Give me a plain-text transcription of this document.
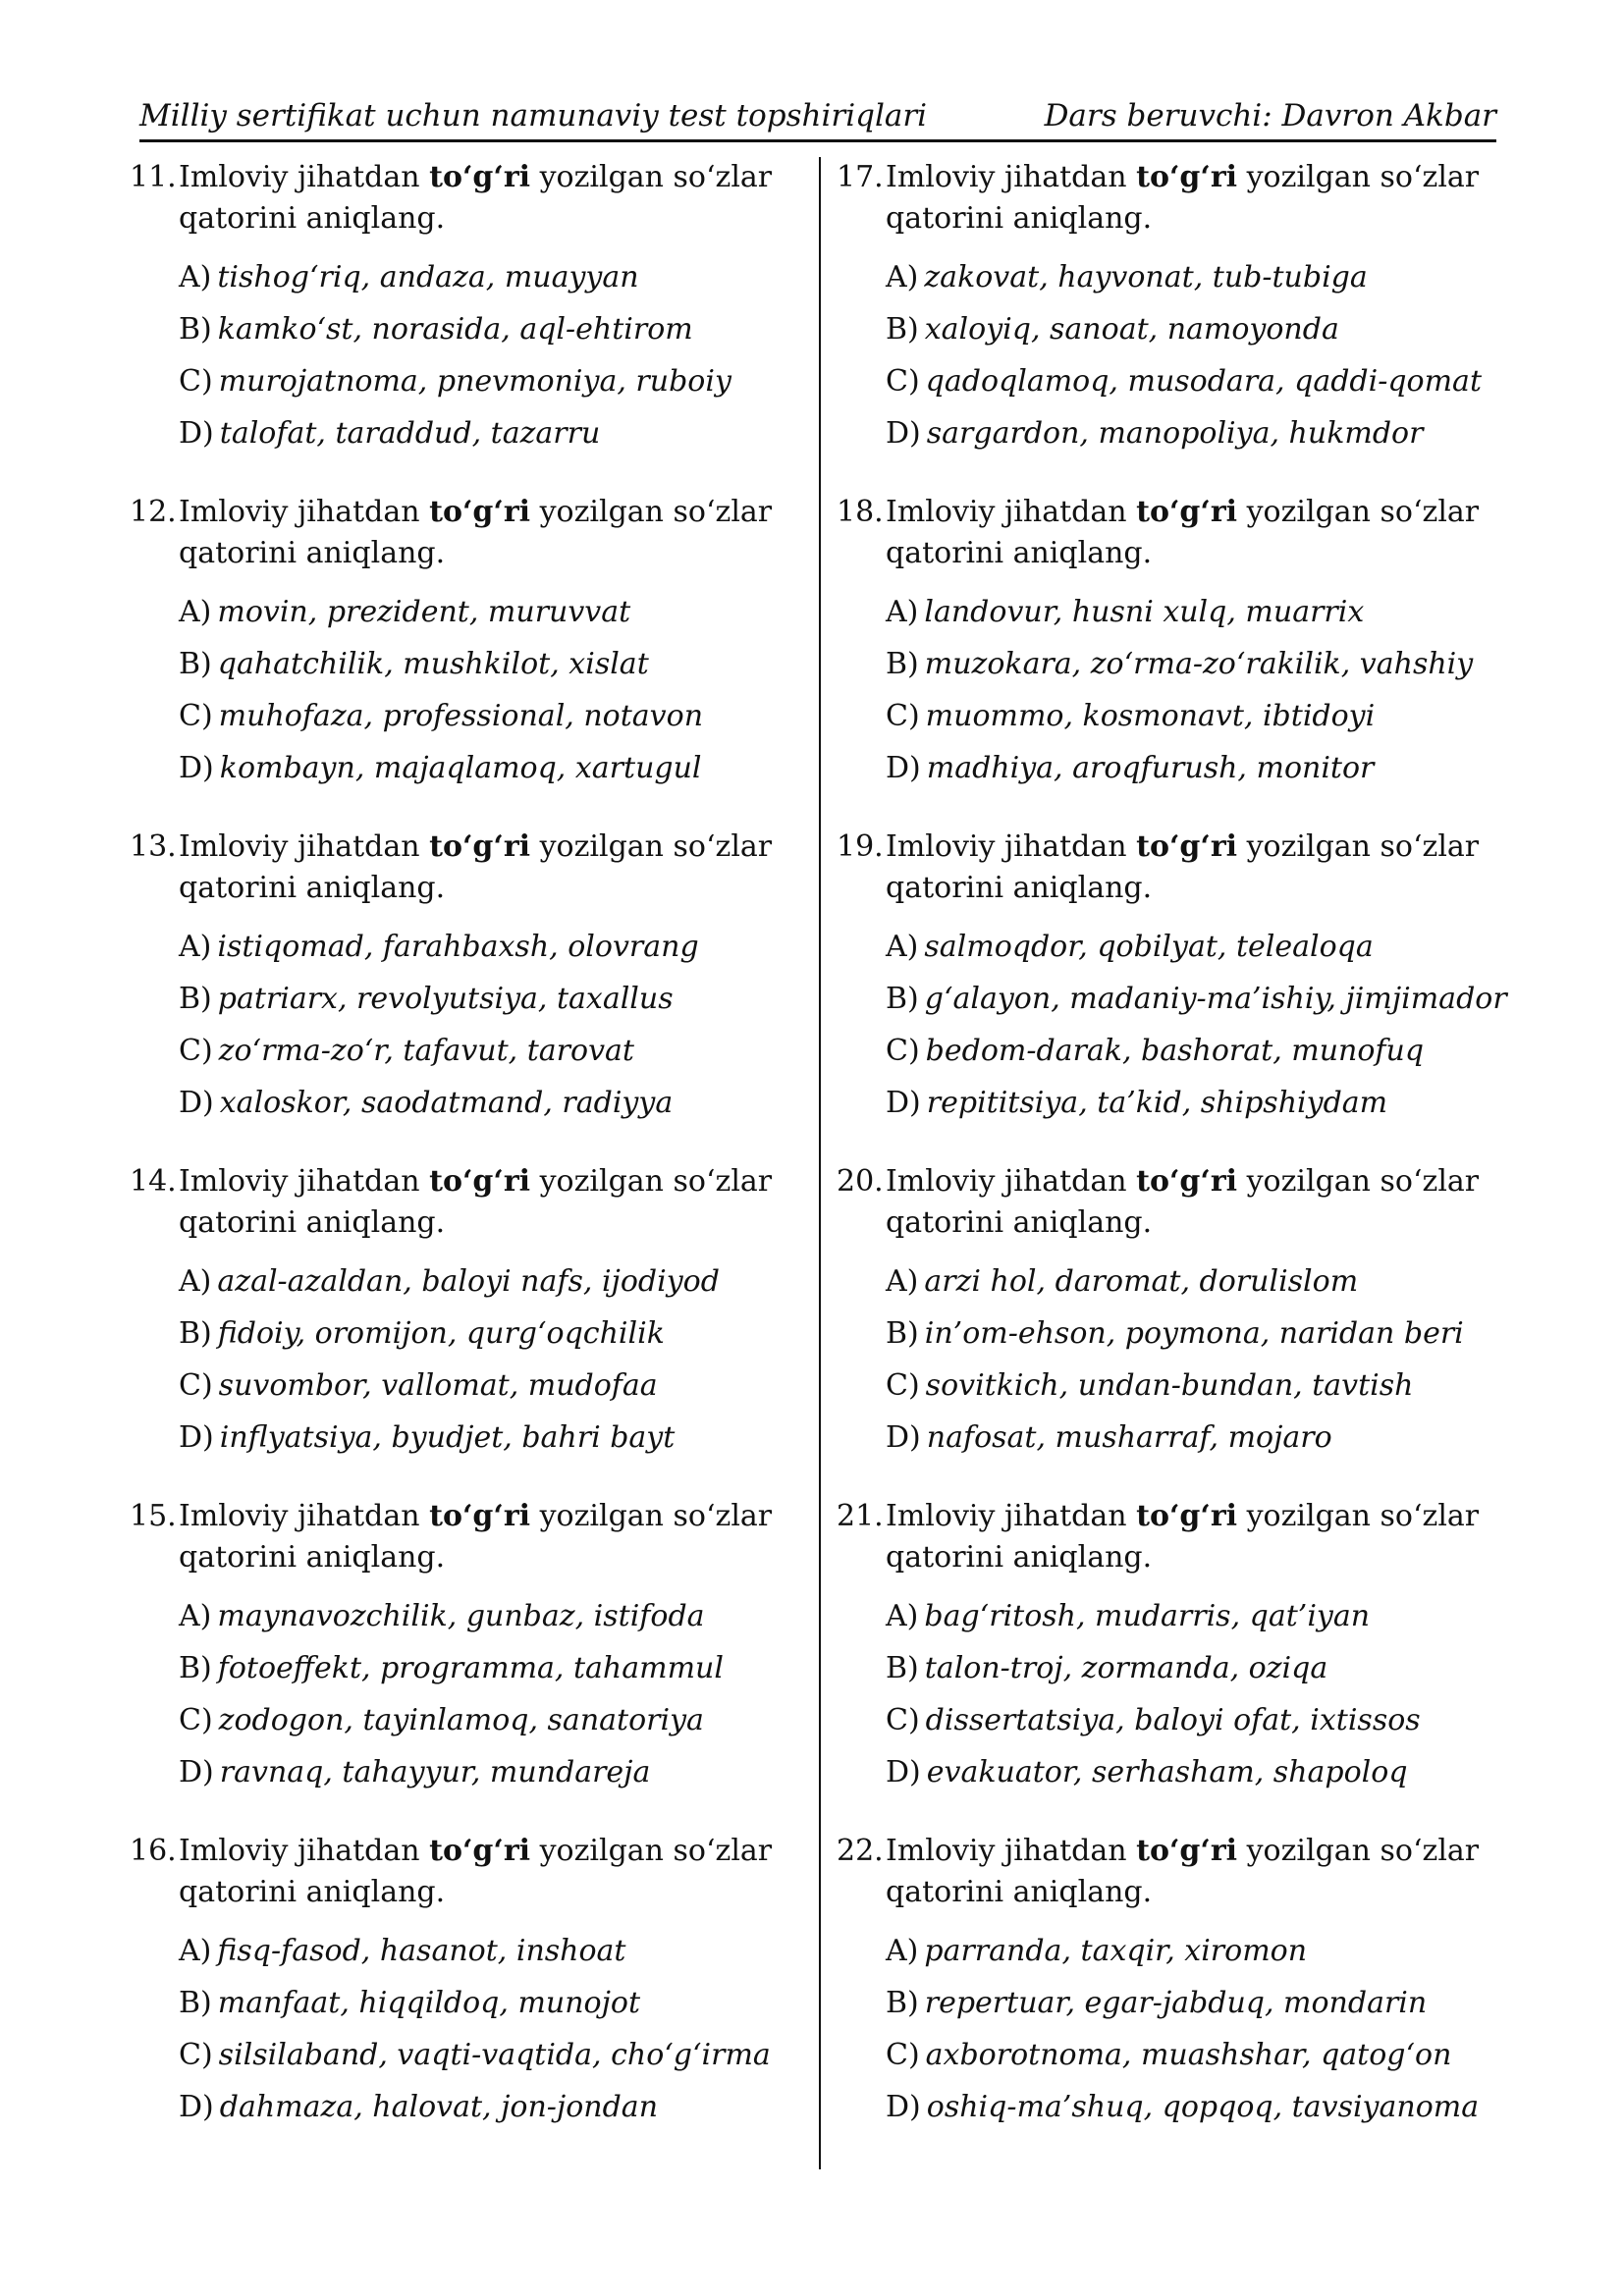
Milliy sertifikat uchun namunaviy test topshiriqlari	Dars beruvchi: Davron Akbar
11. Imloviy jihatdan to‘g‘ri yozilgan so‘zlar qatorini aniqlang.
A) tishog‘riq, andaza, muayyan
B) kamko‘st, norasida, aql-ehtirom
C) murojatnoma, pnevmoniya, ruboiy
D) talofat, taraddud, tazarru
12. Imloviy jihatdan to‘g‘ri yozilgan so‘zlar qatorini aniqlang.
A) movin, prezident, muruvvat
B) qahatchilik, mushkilot, xislat
C) muhofaza, professional, notavon
D) kombayn, majaqlamoq, xartugul
13. Imloviy jihatdan to‘g‘ri yozilgan so‘zlar qatorini aniqlang.
A) istiqomad, farahbaxsh, olovrang
B) patriarx, revolyutsiya, taxallus
C) zo‘rma-zo‘r, tafavut, tarovat
D) xaloskor, saodatmand, radiyya
14. Imloviy jihatdan to‘g‘ri yozilgan so‘zlar qatorini aniqlang.
A) azal-azaldan, baloyi nafs, ijodiyod
B) fidoiy, oromijon, qurg‘oqchilik
C) suvombor, vallomat, mudofaa
D) inflyatsiya, byudjet, bahri bayt
15. Imloviy jihatdan to‘g‘ri yozilgan so‘zlar qatorini aniqlang.
A) maynavozchilik, gunbaz, istifoda
B) fotoeffekt, programma, tahammul
C) zodogon, tayinlamoq, sanatoriya
D) ravnaq, tahayyur, mundareja
16. Imloviy jihatdan to‘g‘ri yozilgan so‘zlar qatorini aniqlang.
A) fisq-fasod, hasanot, inshoat
B) manfaat, hiqqildoq, munojot
C) silsilaband, vaqti-vaqtida, cho‘g‘irma
D) dahmaza, halovat, jon-jondan
17. Imloviy jihatdan to‘g‘ri yozilgan so‘zlar qatorini aniqlang.
A) zakovat, hayvonat, tub-tubiga
B) xaloyiq, sanoat, namoyonda
C) qadoqlamoq, musodara, qaddi-qomat
D) sargardon, manopoliya, hukmdor
18. Imloviy jihatdan to‘g‘ri yozilgan so‘zlar qatorini aniqlang.
A) landovur, husni xulq, muarrix
B) muzokara, zo‘rma-zo‘rakilik, vahshiy
C) muommo, kosmonavt, ibtidoyi
D) madhiya, aroqfurush, monitor
19. Imloviy jihatdan to‘g‘ri yozilgan so‘zlar qatorini aniqlang.
A) salmoqdor, qobilyat, telealoqa
B) g‘alayon, madaniy-ma’ishiy, jimjimador
C) bedom-darak, bashorat, munofuq
D) repititsiya, ta’kid, shipshiydam
20. Imloviy jihatdan to‘g‘ri yozilgan so‘zlar qatorini aniqlang.
A) arzi hol, daromat, dorulislom
B) in’om-ehson, poymona, naridan beri
C) sovitkich, undan-bundan, tavtish
D) nafosat, musharraf, mojaro
21. Imloviy jihatdan to‘g‘ri yozilgan so‘zlar qatorini aniqlang.
A) bag‘ritosh, mudarris, qat’iyan
B) talon-troj, zormanda, oziqa
C) dissertatsiya, baloyi ofat, ixtissos
D) evakuator, serhasham, shapoloq
22. Imloviy jihatdan to‘g‘ri yozilgan so‘zlar qatorini aniqlang.
A) parranda, taxqir, xiromon
B) repertuar, egar-jabduq, mondarin
C) axborotnoma, muashshar, qatog‘on
D) oshiq-ma’shuq, qopqoq, tavsiyanoma
